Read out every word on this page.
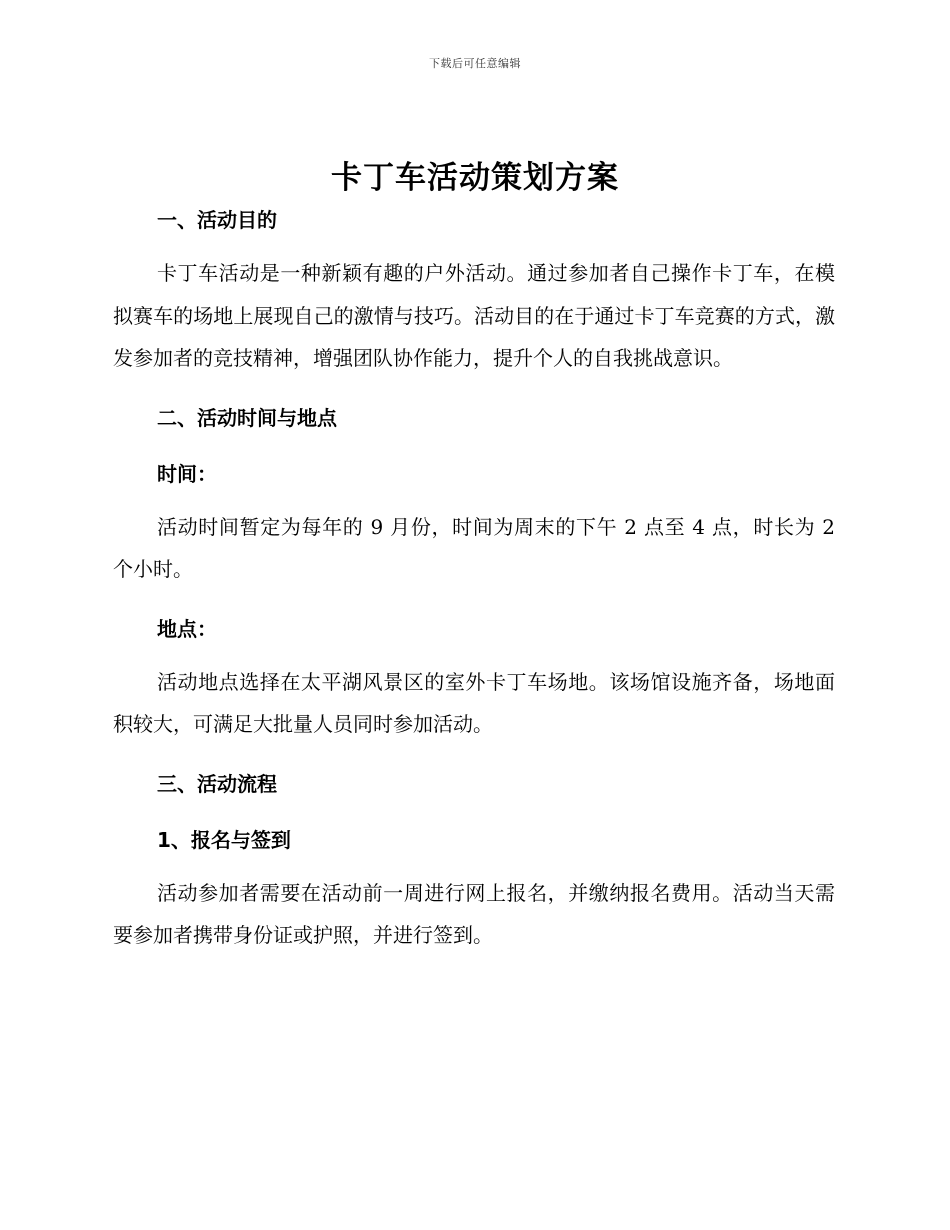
下载后可任意编辑
卡丁车活动策划方案
一、活动目的

卡丁车活动是一种新颖有趣的户外活动。通过参加者自己操作卡丁车，在模拟赛车的场地上展现自己的激情与技巧。活动目的在于通过卡丁车竞赛的方式，激发参加者的竞技精神，增强团队协作能力，提升个人的自我挑战意识。

二、活动时间与地点
时间：

活动时间暂定为每年的 9 月份，时间为周末的下午 2 点至 4 点，时长为 2 个小时。

地点：

活动地点选择在太平湖风景区的室外卡丁车场地。该场馆设施齐备，场地面积较大，可满足大批量人员同时参加活动。

三、活动流程
1、报名与签到

活动参加者需要在活动前一周进行网上报名，并缴纳报名费用。活动当天需要参加者携带身份证或护照，并进行签到。
